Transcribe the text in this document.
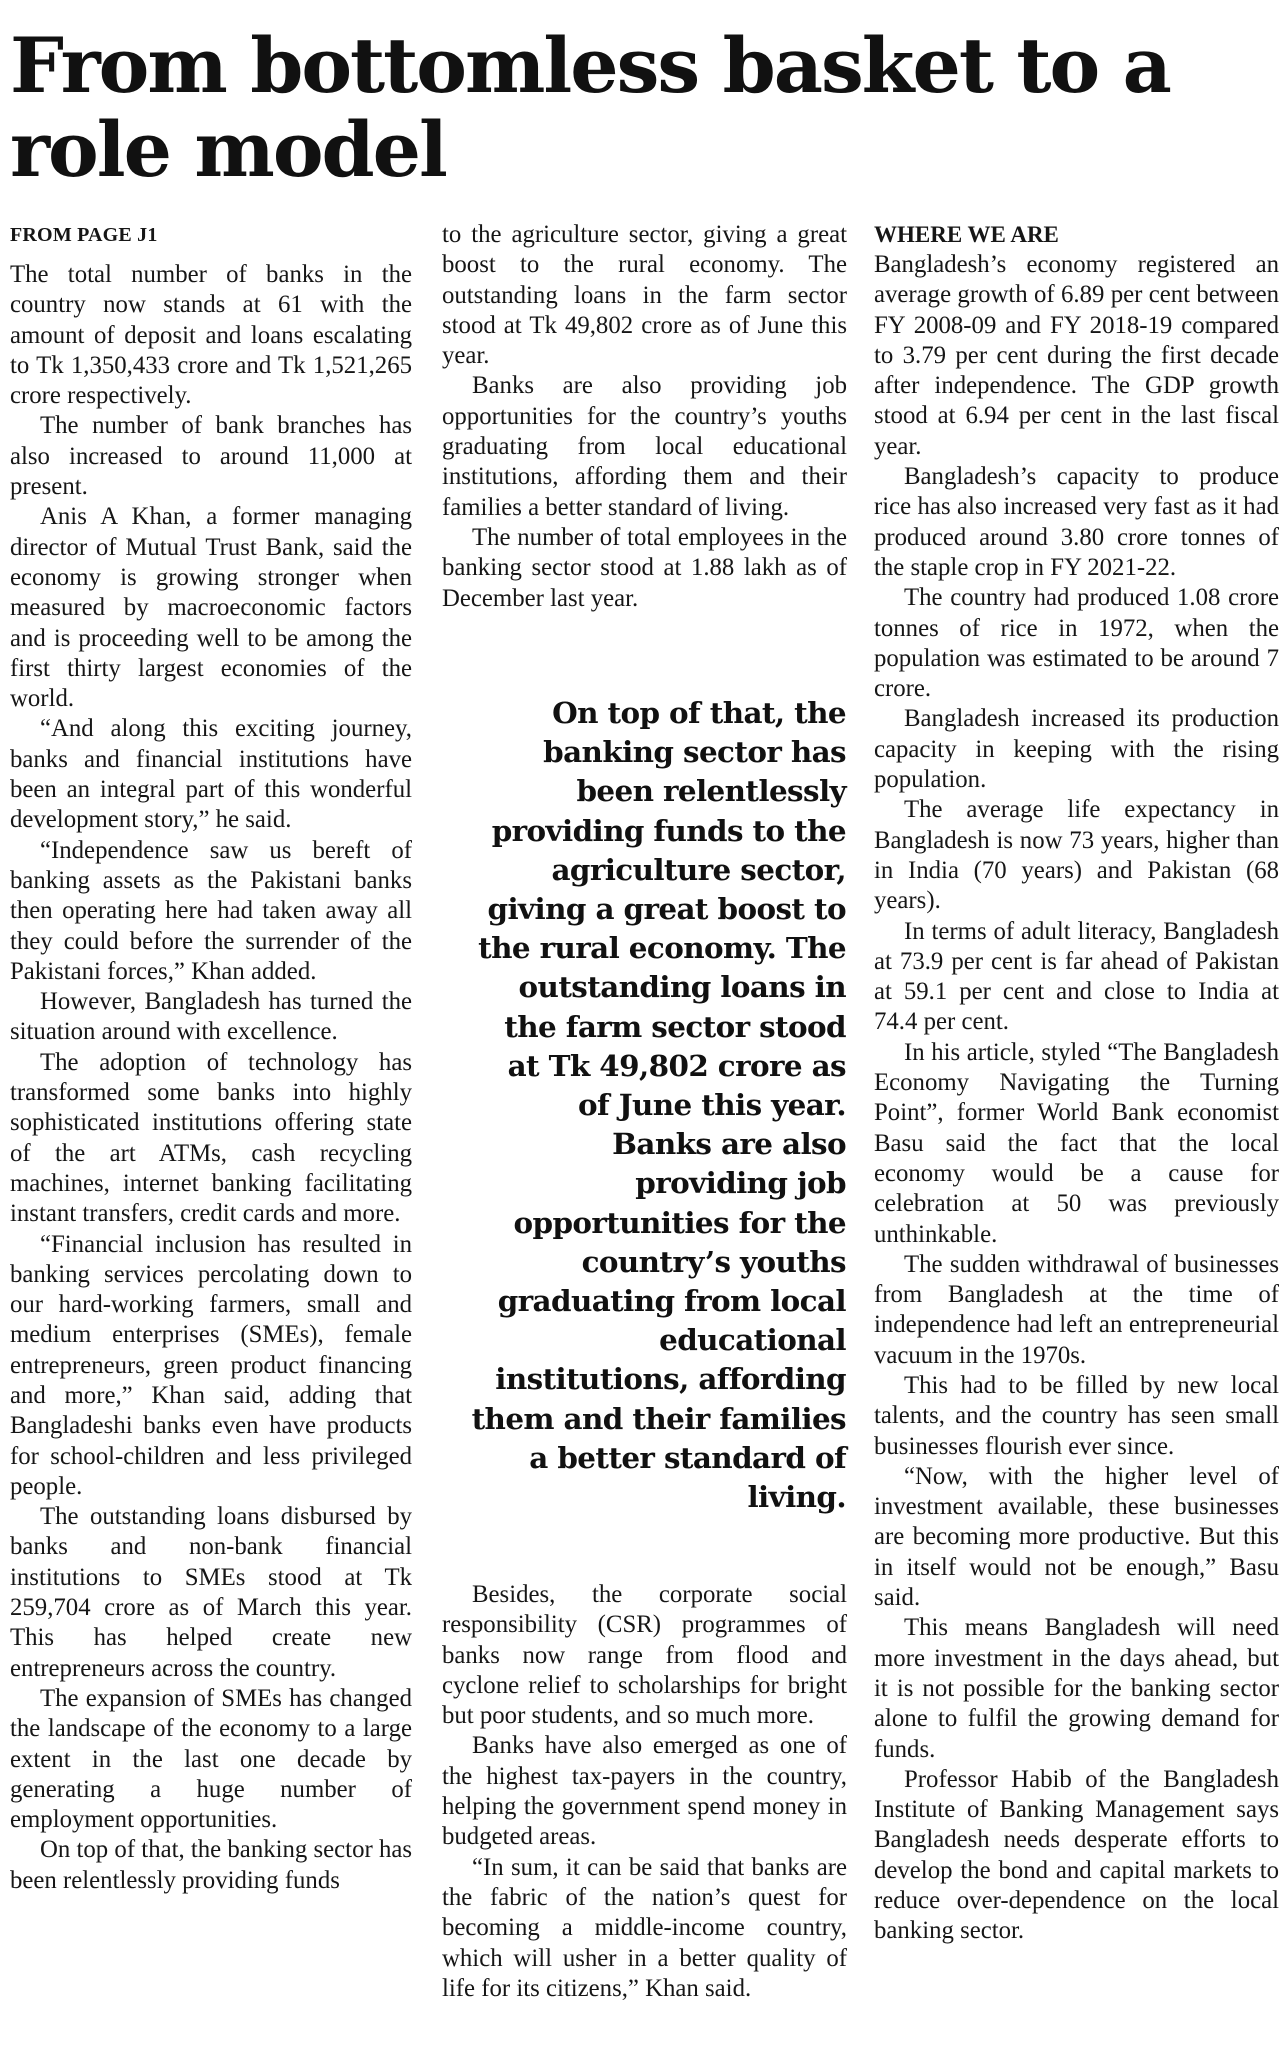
From bottomless basket to a role model

FROM PAGE J1

The total number of banks in the country now stands at 61 with the amount of deposit and loans escalating to Tk 1,350,433 crore and Tk 1,521,265 crore respectively.

The number of bank branches has also increased to around 11,000 at present.

Anis A Khan, a former managing director of Mutual Trust Bank, said the economy is growing stronger when measured by macroeconomic factors and is proceeding well to be among the first thirty largest economies of the world.

“And along this exciting journey, banks and financial institutions have been an integral part of this wonderful development story,” he said.

“Independence saw us bereft of banking assets as the Pakistani banks then operating here had taken away all they could before the surrender of the Pakistani forces,” Khan added.

However, Bangladesh has turned the situation around with excellence.

The adoption of technology has transformed some banks into highly sophisticated institutions offering state of the art ATMs, cash recycling machines, internet banking facilitating instant transfers, credit cards and more.

“Financial inclusion has resulted in banking services percolating down to our hard-working farmers, small and medium enterprises (SMEs), female entrepreneurs, green product financing and more,” Khan said, adding that Bangladeshi banks even have products for school-children and less privileged people.

The outstanding loans disbursed by banks and non-bank financial institutions to SMEs stood at Tk 259,704 crore as of March this year. This has helped create new entrepreneurs across the country.

The expansion of SMEs has changed the landscape of the economy to a large extent in the last one decade by generating a huge number of employment opportunities.

On top of that, the banking sector has been relentlessly providing funds

to the agriculture sector, giving a great boost to the rural economy. The outstanding loans in the farm sector stood at Tk 49,802 crore as of June this year.

Banks are also providing job opportunities for the country’s youths graduating from local educational institutions, affording them and their families a better standard of living.

The number of total employees in the banking sector stood at 1.88 lakh as of December last year.

On top of that, the banking sector has been relentlessly providing funds to the agriculture sector, giving a great boost to the rural economy. The outstanding loans in the farm sector stood at Tk 49,802 crore as of June this year. Banks are also providing job opportunities for the country’s youths graduating from local educational institutions, affording them and their families a better standard of living.

Besides, the corporate social responsibility (CSR) programmes of banks now range from flood and cyclone relief to scholarships for bright but poor students, and so much more.

Banks have also emerged as one of the highest tax-payers in the country, helping the government spend money in budgeted areas.

“In sum, it can be said that banks are the fabric of the nation’s quest for becoming a middle-income country, which will usher in a better quality of life for its citizens,” Khan said.

WHERE WE ARE

Bangladesh’s economy registered an average growth of 6.89 per cent between FY 2008-09 and FY 2018-19 compared to 3.79 per cent during the first decade after independence. The GDP growth stood at 6.94 per cent in the last fiscal year.

Bangladesh’s capacity to produce rice has also increased very fast as it had produced around 3.80 crore tonnes of the staple crop in FY 2021-22.

The country had produced 1.08 crore tonnes of rice in 1972, when the population was estimated to be around 7 crore.

Bangladesh increased its production capacity in keeping with the rising population.

The average life expectancy in Bangladesh is now 73 years, higher than in India (70 years) and Pakistan (68 years).

In terms of adult literacy, Bangladesh at 73.9 per cent is far ahead of Pakistan at 59.1 per cent and close to India at 74.4 per cent.

In his article, styled “The Bangladesh Economy Navigating the Turning Point”, former World Bank economist Basu said the fact that the local economy would be a cause for celebration at 50 was previously unthinkable.

The sudden withdrawal of businesses from Bangladesh at the time of independence had left an entrepreneurial vacuum in the 1970s.

This had to be filled by new local talents, and the country has seen small businesses flourish ever since.

“Now, with the higher level of investment available, these businesses are becoming more productive. But this in itself would not be enough,” Basu said.

This means Bangladesh will need more investment in the days ahead, but it is not possible for the banking sector alone to fulfil the growing demand for funds.

Professor Habib of the Bangladesh Institute of Banking Management says Bangladesh needs desperate efforts to develop the bond and capital markets to reduce over-dependence on the local banking sector.
